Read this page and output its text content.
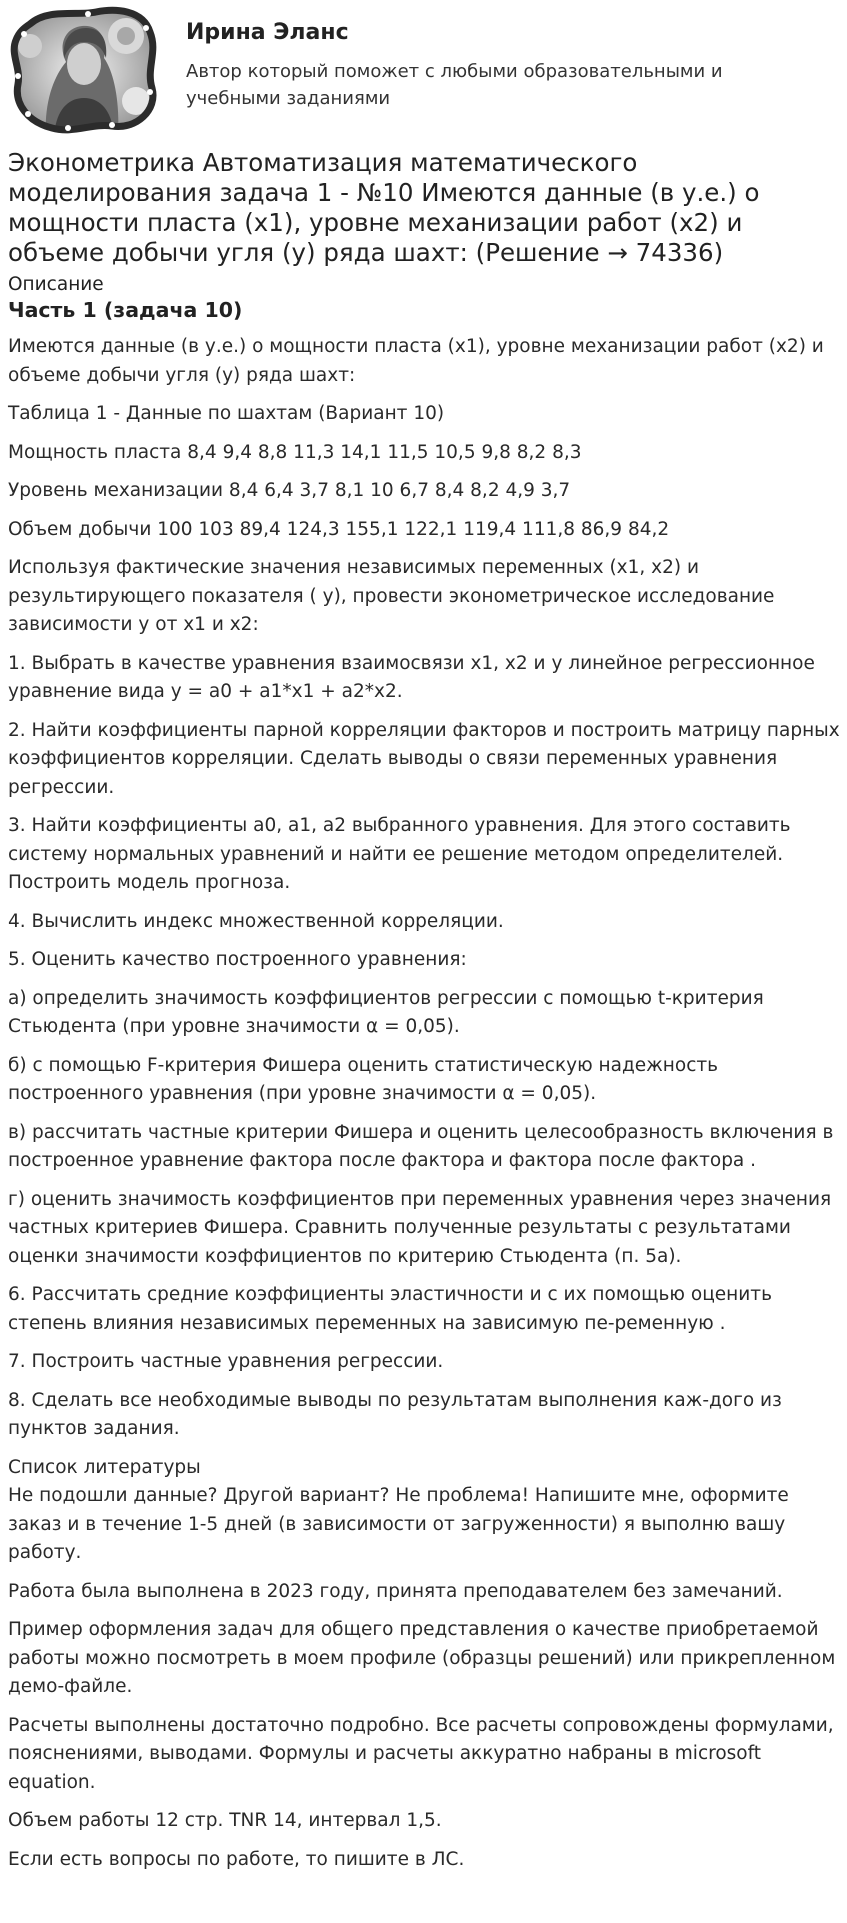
Ирина Эланс
Автор который поможет с любыми образовательными и учебными заданиями
Эконометрика Автоматизация математического моделирования задача 1 - №10 Имеются данные (в у.е.) о мощности пласта (x1), уровне механизации работ (x2) и объеме добычи угля (y) ряда шахт: (Решение → 74336)
Описание
Часть 1 (задача 10)

Имеются данные (в у.е.) о мощности пласта (x1), уровне механизации работ (x2) и объеме добычи угля (y) ряда шахт:

Таблица 1 - Данные по шахтам (Вариант 10)

Мощность пласта 8,4 9,4 8,8 11,3 14,1 11,5 10,5 9,8 8,2 8,3

Уровень механизации 8,4 6,4 3,7 8,1 10 6,7 8,4 8,2 4,9 3,7

Объем добычи 100 103 89,4 124,3 155,1 122,1 119,4 111,8 86,9 84,2

Используя фактические значения независимых переменных (x1, x2) и результирующего показателя ( y), провести эконометрическое исследование зависимости y от x1 и x2:

1. Выбрать в качестве уравнения взаимосвязи x1, x2 и y линейное регрессионное уравнение вида y = a0 + a1*x1 + a2*x2.

2. Найти коэффициенты парной корреляции факторов и построить матрицу парных коэффициентов корреляции. Сделать выводы о связи переменных уравнения регрессии.

3. Найти коэффициенты a0, a1, a2 выбранного уравнения. Для этого составить систему нормальных уравнений и найти ее решение методом определителей. Построить модель прогноза.

4. Вычислить индекс множественной корреляции.

5. Оценить качество построенного уравнения:

а) определить значимость коэффициентов регрессии с помощью t-критерия Стьюдента (при уровне значимости α = 0,05).

б) с помощью F-критерия Фишера оценить статистическую надежность построенного уравнения (при уровне значимости α = 0,05).

в) рассчитать частные критерии Фишера и оценить целесообразность включения в построенное уравнение фактора после фактора и фактора после фактора .

г) оценить значимость коэффициентов при переменных уравнения через значения частных критериев Фишера. Сравнить полученные результаты с результатами оценки значимости коэффициентов по критерию Стьюдента (п. 5а).

6. Рассчитать средние коэффициенты эластичности и с их помощью оценить степень влияния независимых переменных на зависимую пе-ременную .

7. Построить частные уравнения регрессии.

8. Сделать все необходимые выводы по результатам выполнения каж-дого из пунктов задания.

Список литературы

Не подошли данные? Другой вариант? Не проблема! Напишите мне, оформите заказ и в течение 1-5 дней (в зависимости от загруженности) я выполню вашу работу.

Работа была выполнена в 2023 году, принята преподавателем без замечаний.

Пример оформления задач для общего представления о качестве приобретаемой работы можно посмотреть в моем профиле (образцы решений) или прикрепленном демо-файле.

Расчеты выполнены достаточно подробно. Все расчеты сопровождены формулами, пояснениями, выводами. Формулы и расчеты аккуратно набраны в microsoft equation.

Объем работы 12 стр. TNR 14, интервал 1,5.

Если есть вопросы по работе, то пишите в ЛС.
